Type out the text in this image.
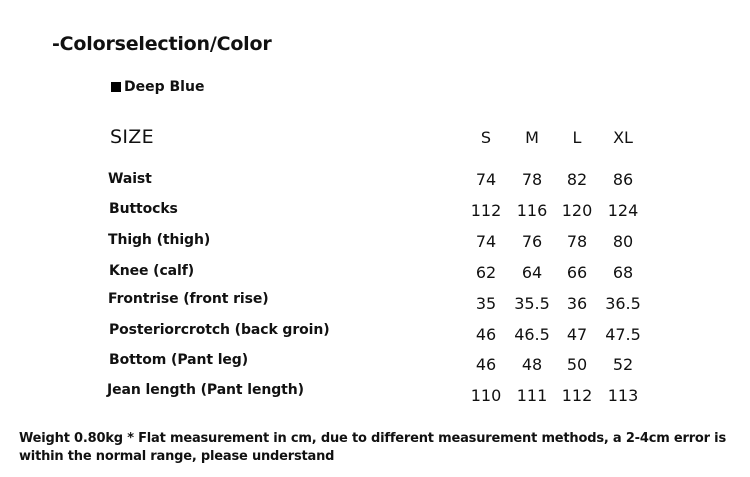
-Colorselection/Color
Deep Blue
SIZE	S	M	L	XL
Waist	74	78	82	86
Buttocks	112 116 120 124
Thigh (thigh)	74	76	78	80
Knee (calf)	62	64	66	68
Frontrise (front rise)	35	35.5	36	36.5
Posteriorcrotch (back groin)	46	46.5	47	47.5
Bottom (Pant leg)	46	48	50	52
Jean length (Pant length)	110 111 112 113
Weight 0.80kg * Flat measurement in cm, due to different measurement methods, a 2-4cm error is within the normal range, please understand
